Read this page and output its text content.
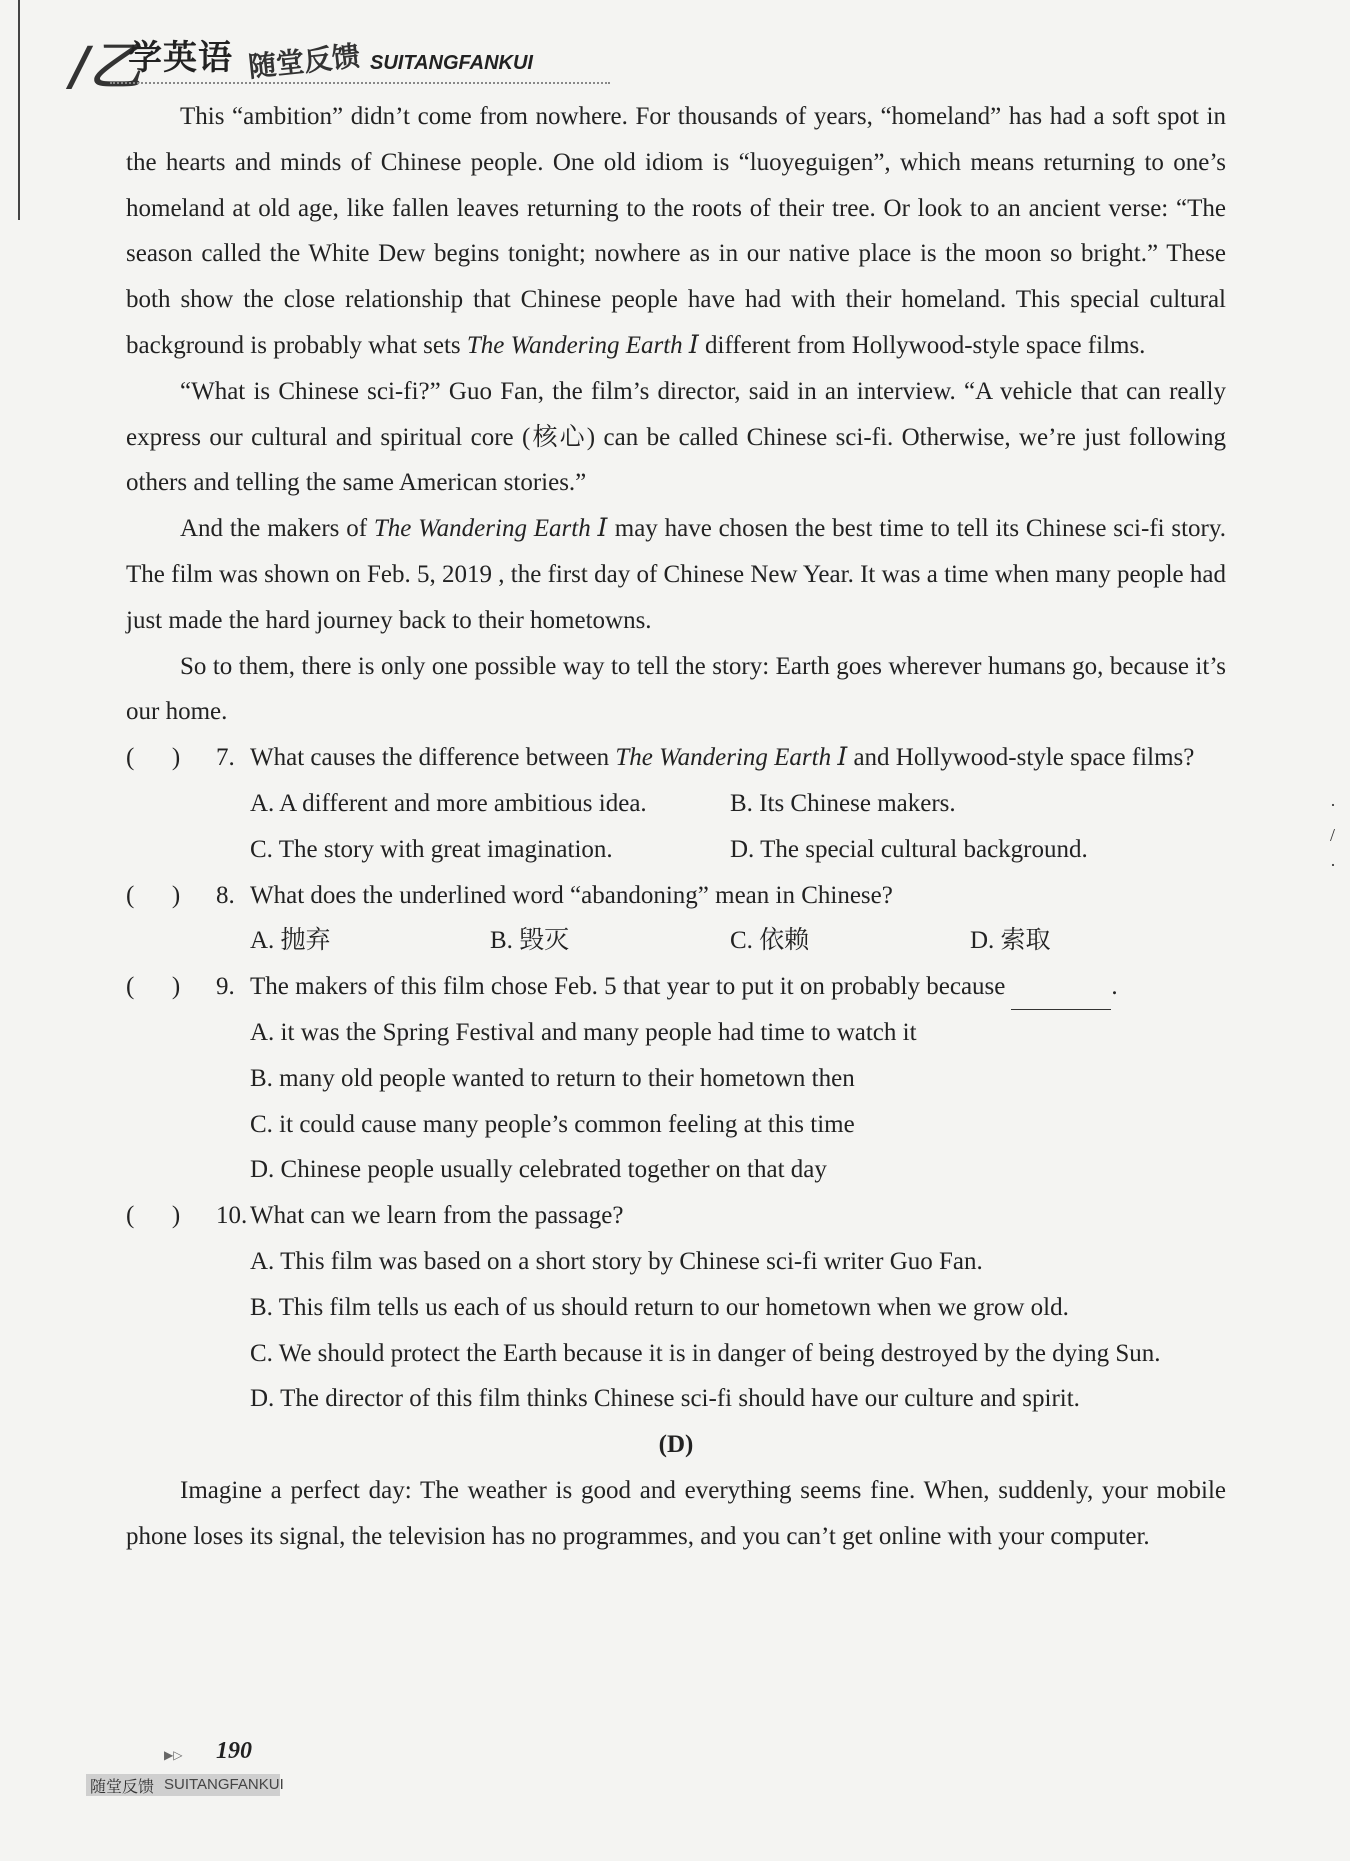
/乙
学英语 随堂反馈 SUITANGFANKUI

This “ambition” didn’t come from nowhere. For thousands of years, “homeland” has had a soft spot in the hearts and minds of Chinese people. One old idiom is “luoyeguigen”, which means returning to one’s homeland at old age, like fallen leaves returning to the roots of their tree. Or look to an ancient verse: “The season called the White Dew begins tonight; nowhere as in our native place is the moon so bright.” These both show the close relationship that Chinese people have had with their homeland. This special cultural background is probably what sets The Wandering Earth Ⅰ different from Hollywood-style space films.

“What is Chinese sci-fi?” Guo Fan, the film’s director, said in an interview. “A vehicle that can really express our cultural and spiritual core (核心) can be called Chinese sci-fi. Otherwise, we’re just following others and telling the same American stories.”

And the makers of The Wandering Earth Ⅰ may have chosen the best time to tell its Chinese sci-fi story. The film was shown on Feb. 5, 2019 , the first day of Chinese New Year. It was a time when many people had just made the hard journey back to their hometowns.

So to them, there is only one possible way to tell the story: Earth goes wherever humans go, because it’s our home.

(      )	7. What causes the difference between The Wandering Earth Ⅰ and Hollywood-style space films?
A. A different and more ambitious idea.	B. Its Chinese makers.
C. The story with great imagination.	D. The special cultural background.
(      )	8. What does the underlined word “abandoning” mean in Chinese?
A. 抛弃	B. 毁灭	C. 依赖	D. 索取
(      )	9. The makers of this film chose Feb. 5 that year to put it on probably because	.
A. it was the Spring Festival and many people had time to watch it
B. many old people wanted to return to their hometown then
C. it could cause many people’s common feeling at this time
D. Chinese people usually celebrated together on that day
(      )	10. What can we learn from the passage?
A. This film was based on a short story by Chinese sci-fi writer Guo Fan.
B. This film tells us each of us should return to our hometown when we grow old.
C. We should protect the Earth because it is in danger of being destroyed by the dying Sun.
D. The director of this film thinks Chinese sci-fi should have our culture and spirit.

(D)

Imagine a perfect day: The weather is good and everything seems fine. When, suddenly, your mobile phone loses its signal, the television has no programmes, and you can’t get online with your computer.

·
/
·
▶▷ 190
随堂反馈 SUITANGFANKUI
